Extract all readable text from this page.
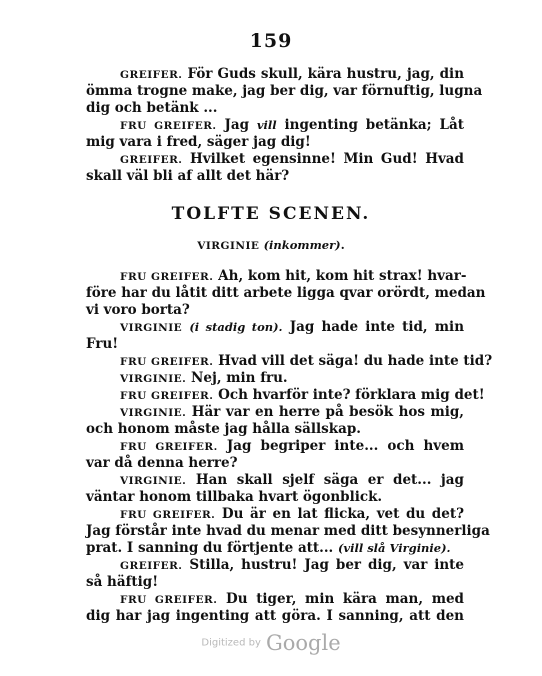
159
GREIFER. För Guds skull, kära hustru, jag, din
ömma trogne make, jag ber dig, var förnuftig, lugna
dig och betänk ...
FRU GREIFER. Jag vill ingenting betänka; Låt
mig vara i fred, säger jag dig!
GREIFER. Hvilket egensinne! Min Gud! Hvad
skall väl bli af allt det här?
TOLFTE SCENEN.
VIRGINIE (inkommer).
FRU GREIFER. Ah, kom hit, kom hit strax! hvar-
före har du låtit ditt arbete ligga qvar orördt, medan
vi voro borta?
VIRGINIE (i stadig ton). Jag hade inte tid, min
Fru!
FRU GREIFER. Hvad vill det säga! du hade inte tid?
VIRGINIE. Nej, min fru.
FRU GREIFER. Och hvarför inte? förklara mig det!
VIRGINIE. Här var en herre på besök hos mig,
och honom måste jag hålla sällskap.
FRU GREIFER. Jag begriper inte... och hvem
var då denna herre?
VIRGINIE. Han skall sjelf säga er det... jag
väntar honom tillbaka hvart ögonblick.
FRU GREIFER. Du är en lat flicka, vet du det?
Jag förstår inte hvad du menar med ditt besynnerliga
prat. I sanning du förtjente att... (vill slå Virginie).
GREIFER. Stilla, hustru! Jag ber dig, var inte
så häftig!
FRU GREIFER. Du tiger, min kära man, med
dig har jag ingenting att göra. I sanning, att den
Digitized by Google
